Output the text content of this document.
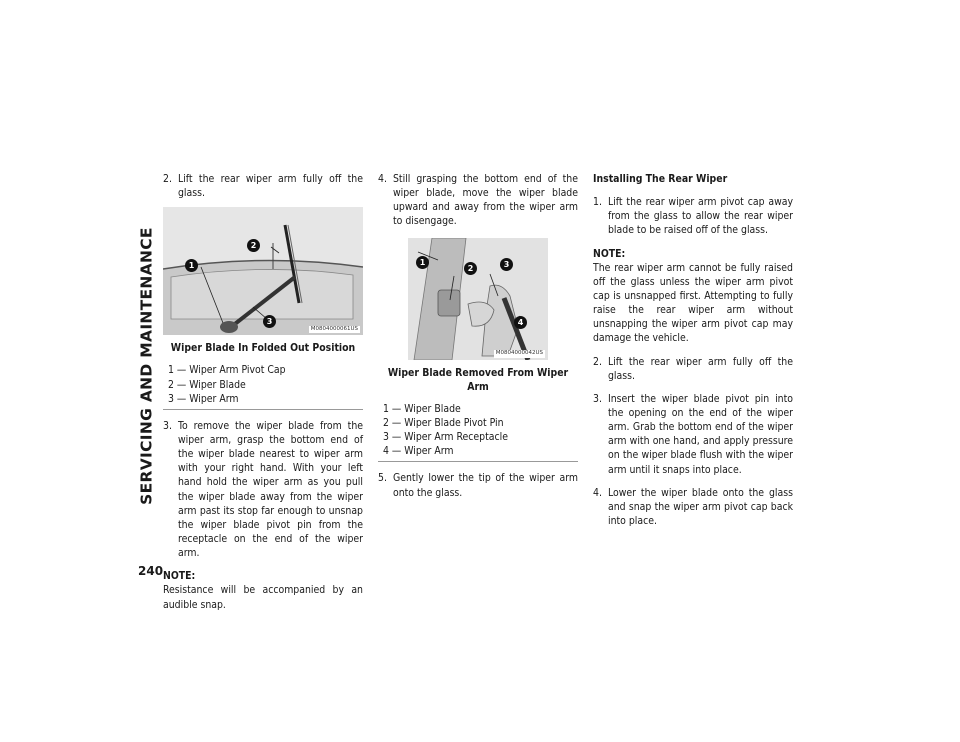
SERVICING AND MAINTENANCE
240
2. Lift the rear wiper arm fully off the glass.
1
2
3
M0804000061US
Wiper Blade In Folded Out Position
1 — Wiper Arm Pivot Cap
2 — Wiper Blade
3 — Wiper Arm
3. To remove the wiper blade from the wiper arm, grasp the bottom end of the wiper blade nearest to wiper arm with your right hand. With your left hand hold the wiper arm as you pull the wiper blade away from the wiper arm past its stop far enough to unsnap the wiper blade pivot pin from the receptacle on the end of the wiper arm.
NOTE:
Resistance will be accompanied by an audible snap.
4. Still grasping the bottom end of the wiper blade, move the wiper blade upward and away from the wiper arm to disengage.
1
2	3
4
M0804000042US
Wiper Blade Removed From Wiper Arm
1 — Wiper Blade
2 — Wiper Blade Pivot Pin
3 — Wiper Arm Receptacle
4 — Wiper Arm
5. Gently lower the tip of the wiper arm onto the glass.
Installing The Rear Wiper
1. Lift the rear wiper arm pivot cap away from the glass to allow the rear wiper blade to be raised off of the glass.
NOTE:
The rear wiper arm cannot be fully raised off the glass unless the wiper arm pivot cap is unsnapped first. Attempting to fully raise the rear wiper arm without unsnapping the wiper arm pivot cap may damage the vehicle.
2. Lift the rear wiper arm fully off the glass.
3. Insert the wiper blade pivot pin into the opening on the end of the wiper arm. Grab the bottom end of the wiper arm with one hand, and apply pressure on the wiper blade flush with the wiper arm until it snaps into place.
4. Lower the wiper blade onto the glass and snap the wiper arm pivot cap back into place.
